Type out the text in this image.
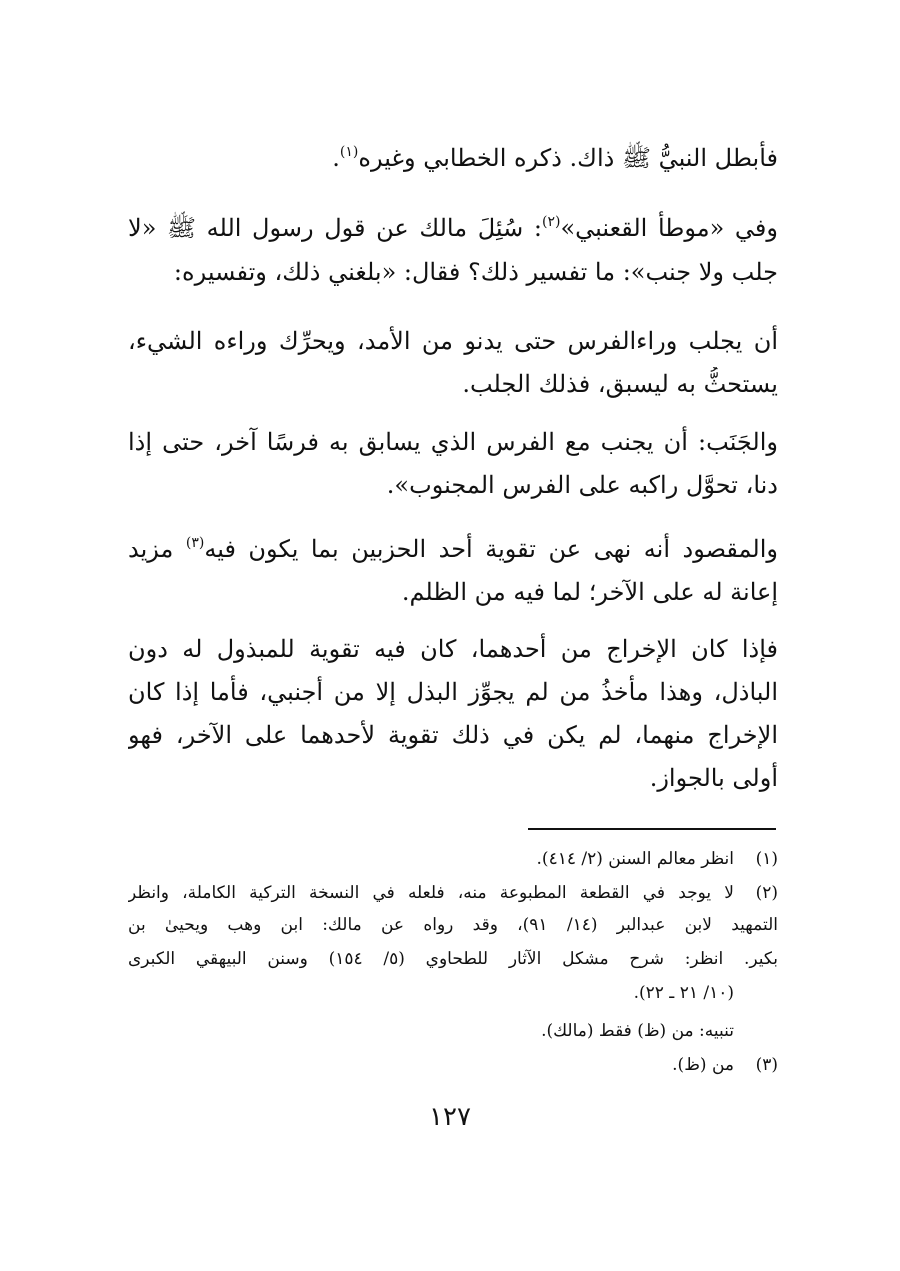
فأبطل النبيُّ ﷺ ذاك. ذكره الخطابي وغيره$^{(١)}$.
وفي «موطأ القعنبي»$^{(٢)}$: سُئِلَ مالك عن قول رسول الله ﷺ «لا
جلب ولا جنب»: ما تفسير ذلك؟ فقال: «بلغني ذلك، وتفسيره:
أن يجلب وراءالفرس حتى يدنو من الأمد، ويحرِّك وراءه الشيء،
يستحثُّ به ليسبق، فذلك الجلب.
والجَنَب: أن يجنب مع الفرس الذي يسابق به فرسًا آخر، حتى إذا
دنا، تحوَّل راكبه على الفرس المجنوب».
والمقصود أنه نهى عن تقوية أحد الحزبين بما يكون فيه$^{(٣)}$ مزيد
إعانة له على الآخر؛ لما فيه من الظلم.
فإذا كان الإخراج من أحدهما، كان فيه تقوية للمبذول له دون
الباذل، وهذا مأخذُ من لم يجوِّز البذل إلا من أجنبي، فأما إذا كان
الإخراج منهما، لم يكن في ذلك تقوية لأحدهما على الآخر، فهو
أولى بالجواز.
(١)
انظر معالم السنن (٢/ ٤١٤).
(٢)
لا يوجد في القطعة المطبوعة منه، فلعله في النسخة التركية الكاملة، وانظر
التمهيد لابن عبدالبر (١٤/ ٩١)، وقد رواه عن مالك: ابن وهب ويحيىٰ بن
بكير. انظر: شرح مشكل الآثار للطحاوي (٥/ ١٥٤) وسنن البيهقي الكبرى
(١٠/ ٢١ ـ ٢٢).
تنبيه: من (ظ) فقط (مالك).
(٣)
من (ظ).
١٢٧
